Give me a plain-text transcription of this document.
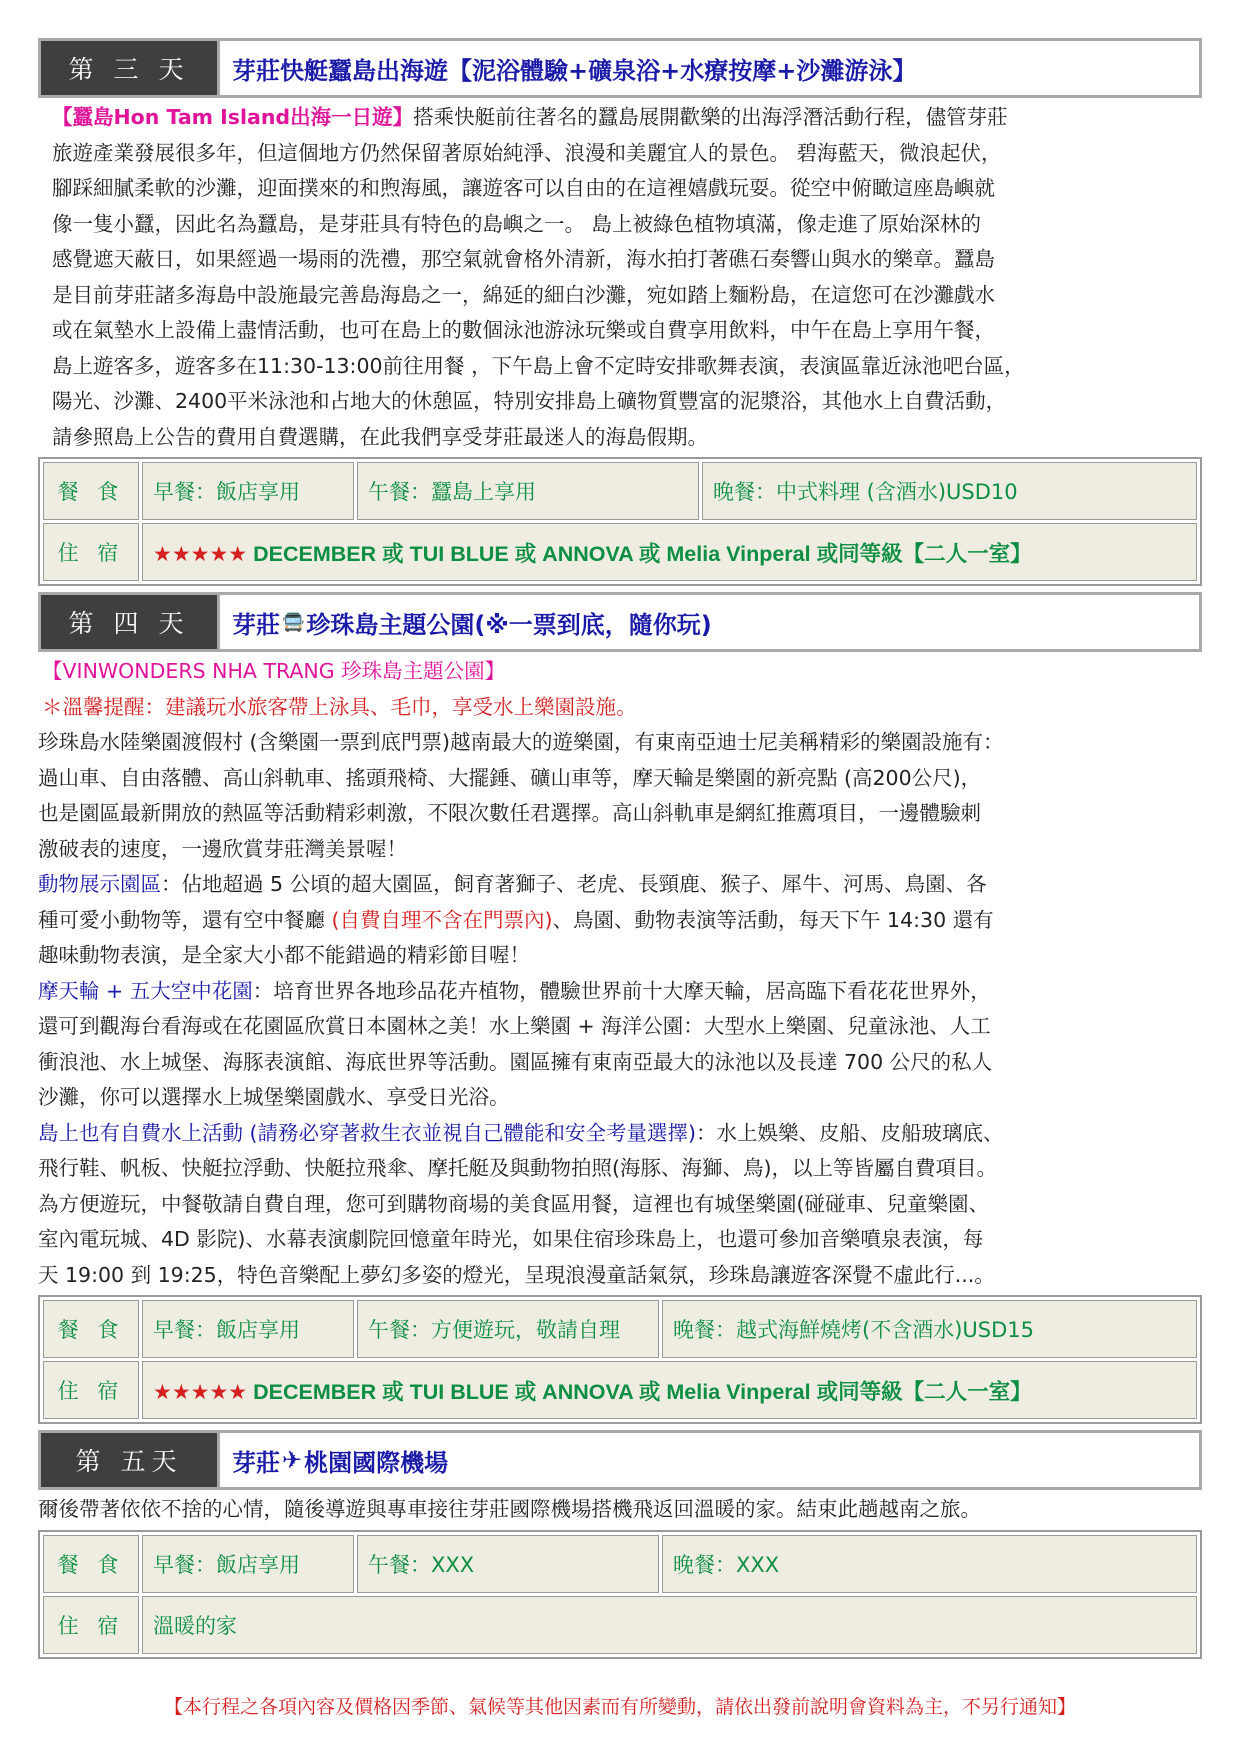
第 三 天	芽莊快艇蠶島出海遊【泥浴體驗+礦泉浴+水療按摩+沙灘游泳】
【蠶島Hon Tam Island出海一日遊】搭乘快艇前往著名的蠶島展開歡樂的出海浮潛活動行程，儘管芽莊
旅遊產業發展很多年，但這個地方仍然保留著原始純淨、浪漫和美麗宜人的景色。 碧海藍天，微浪起伏，
腳踩細膩柔軟的沙灘，迎面撲來的和煦海風，讓遊客可以自由的在這裡嬉戲玩耍。從空中俯瞰這座島嶼就
像一隻小蠶，因此名為蠶島，是芽莊具有特色的島嶼之一。 島上被綠色植物填滿，像走進了原始深林的
感覺遮天蔽日，如果經過一場雨的洗禮，那空氣就會格外清新，海水拍打著礁石奏響山與水的樂章。蠶島
是目前芽莊諸多海島中設施最完善島海島之一，綿延的細白沙灘，宛如踏上麵粉島，在這您可在沙灘戲水
或在氣墊水上設備上盡情活動，也可在島上的數個泳池游泳玩樂或自費享用飲料，中午在島上享用午餐，
島上遊客多，遊客多在11:30-13:00前往用餐 ，下午島上會不定時安排歌舞表演，表演區靠近泳池吧台區，
陽光、沙灘、2400平米泳池和占地大的休憩區，特別安排島上礦物質豐富的泥漿浴，其他水上自費活動，
請參照島上公告的費用自費選購，在此我們享受芽莊最迷人的海島假期。
餐 食	早餐：飯店享用	午餐：蠶島上享用	晚餐：中式料理 (含酒水)USD10
住 宿	★★★★★ DECEMBER 或 TUI BLUE 或 ANNOVA 或 Melia Vinperal 或同等級【二人一室】		
第 四 天	芽莊 🚍 珍珠島主題公園(※一票到底，隨你玩)
【VINWONDERS NHA TRANG 珍珠島主題公園】
＊溫馨提醒：建議玩水旅客帶上泳具、毛巾，享受水上樂園設施。
珍珠島水陸樂園渡假村 (含樂園一票到底門票)越南最大的遊樂園，有東南亞迪士尼美稱精彩的樂園設施有：
過山車、自由落體、高山斜軌車、搖頭飛椅、大擺錘、礦山車等，摩天輪是樂園的新亮點 (高200公尺)，
也是園區最新開放的熱區等活動精彩刺激，不限次數任君選擇。高山斜軌車是網紅推薦項目，一邊體驗刺
激破表的速度，一邊欣賞芽莊灣美景喔！
動物展示園區：佔地超過 5 公頃的超大園區，飼育著獅子、老虎、長頸鹿、猴子、犀牛、河馬、鳥園、各
種可愛小動物等，還有空中餐廳 (自費自理不含在門票內)、鳥園、動物表演等活動，每天下午 14:30 還有
趣味動物表演，是全家大小都不能錯過的精彩節目喔！
摩天輪 + 五大空中花園：培育世界各地珍品花卉植物，體驗世界前十大摩天輪，居高臨下看花花世界外，
還可到觀海台看海或在花園區欣賞日本園林之美！水上樂園 + 海洋公園：大型水上樂園、兒童泳池、人工
衝浪池、水上城堡、海豚表演館、海底世界等活動。園區擁有東南亞最大的泳池以及長達 700 公尺的私人
沙灘，你可以選擇水上城堡樂園戲水、享受日光浴。
島上也有自費水上活動 (請務必穿著救生衣並視自己體能和安全考量選擇)：水上娛樂、皮船、皮船玻璃底、
飛行鞋、帆板、快艇拉浮動、快艇拉飛傘、摩托艇及與動物拍照(海豚、海獅、鳥)，以上等皆屬自費項目。
為方便遊玩，中餐敬請自費自理，您可到購物商場的美食區用餐，這裡也有城堡樂園(碰碰車、兒童樂園、
室內電玩城、4D 影院)、水幕表演劇院回憶童年時光，如果住宿珍珠島上，也還可參加音樂噴泉表演，每
天 19:00 到 19:25，特色音樂配上夢幻多姿的燈光，呈現浪漫童話氣氛，珍珠島讓遊客深覺不虛此行...。
餐 食	早餐：飯店享用	午餐：方便遊玩，敬請自理	晚餐：越式海鮮燒烤(不含酒水)USD15
住 宿	★★★★★ DECEMBER 或 TUI BLUE 或 ANNOVA 或 Melia Vinperal 或同等級【二人一室】		
第 五天	芽莊 ✈ 桃園國際機場
爾後帶著依依不捨的心情，隨後導遊與專車接往芽莊國際機場搭機飛返回溫暖的家。結束此趟越南之旅。
餐 食	早餐：飯店享用	午餐：XXX	晚餐：XXX
住 宿	溫暖的家		
【本行程之各項內容及價格因季節、氣候等其他因素而有所變動，請依出發前說明會資料為主，不另行通知】
